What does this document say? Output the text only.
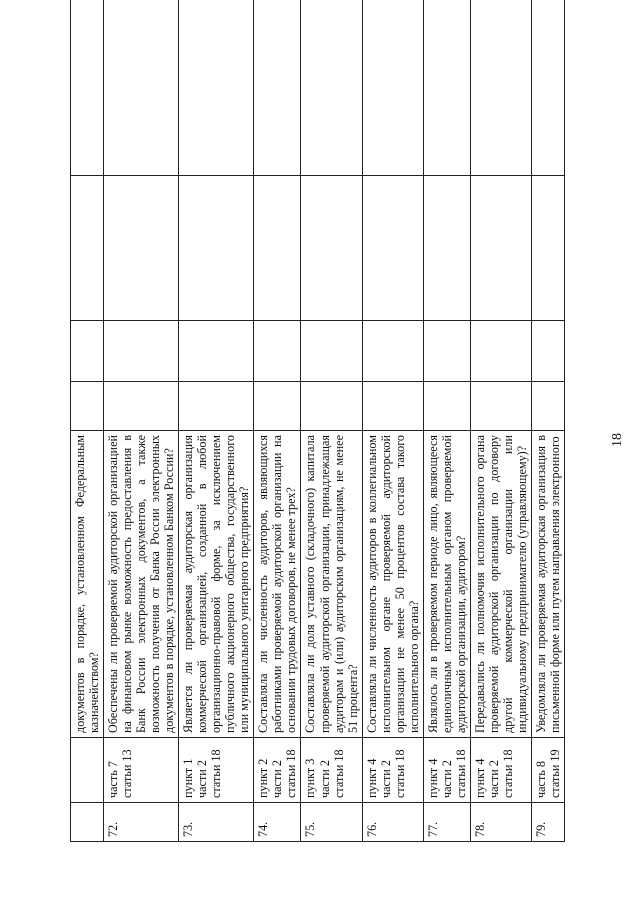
18
		документов в порядке, установленном Федеральным казначейством?				
72.	часть 7 статьи 13	Обеспечены ли проверяемой аудиторской организацией на финансовом рынке возможность предоставления в Банк России электронных документов, а также возможность получения от Банка России электронных документов в порядке, установленном Банком России?				
73.	пункт 1 части 2 статьи 18	Является ли проверяемая аудиторская организация коммерческой организацией, созданной в любой организационно-правовой форме, за исключением публичного акционерного общества, государственного или муниципального унитарного предприятия?				
74.	пункт 2 части 2 статьи 18	Составляла ли численность аудиторов, являющихся работниками проверяемой аудиторской организации на основании трудовых договоров, не менее трех?				
75.	пункт 3 части 2 статьи 18	Составляла ли доля уставного (складочного) капитала проверяемой аудиторской организации, принадлежащая аудиторам и (или) аудиторским организациям, не менее 51 процента?				
76.	пункт 4 части 2 статьи 18	Составляла ли численность аудиторов в коллегиальном исполнительном органе проверяемой аудиторской организации не менее 50 процентов состава такого исполнительного органа?				
77.	пункт 4 части 2 статьи 18	Являлось ли в проверяемом периоде лицо, являющееся единоличным исполнительным органом проверяемой аудиторской организации, аудитором?				
78.	пункт 4 части 2 статьи 18	Передавались ли полномочия исполнительного органа проверяемой аудиторской организации по договору другой коммерческой организации или индивидуальному предпринимателю (управляющему)?				
79.	часть 8 статьи 19	Уведомляла ли проверяемая аудиторская организация в письменной форме или путем направления электронного				
